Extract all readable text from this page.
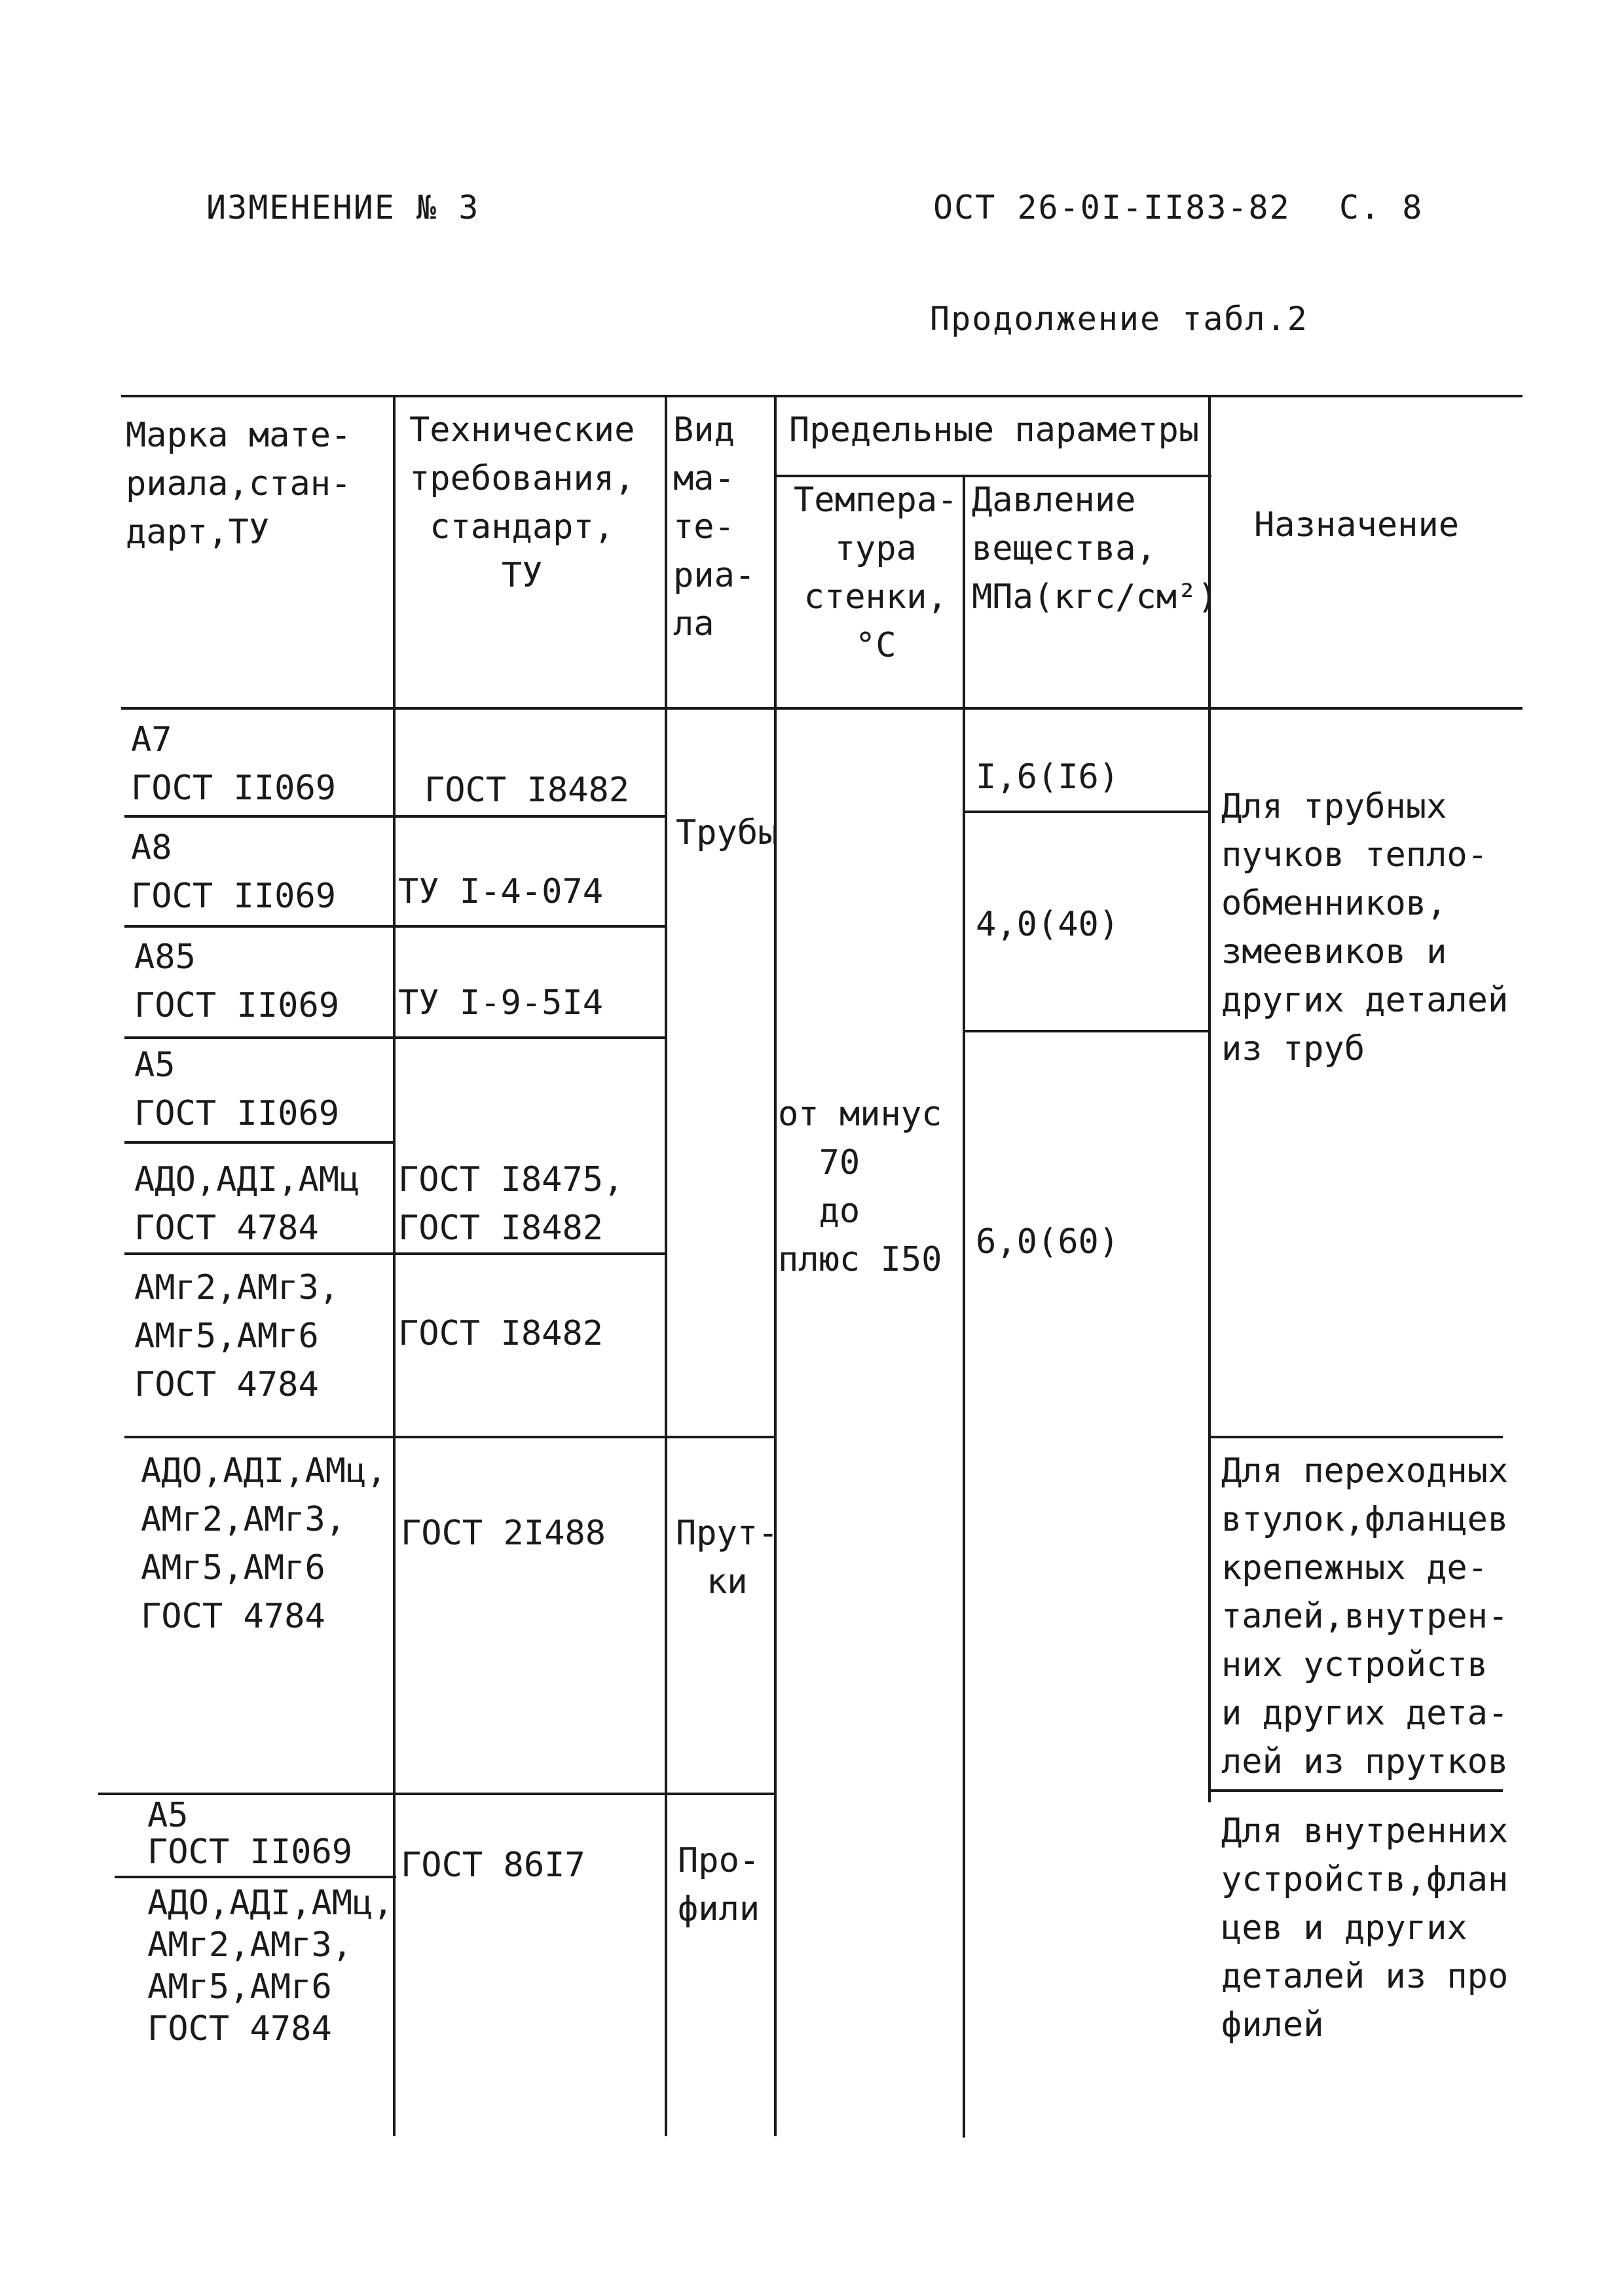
ИЗМЕНЕНИЕ № 3	ОСТ 26-0I-II83-82 С. 8
Продолжение табл.2
Марка мате-
риала,стан-
дарт,ТУ
Технические
требования,
стандарт,
ТУ
Вид
ма-
те-
риа-
ла
Предельные параметры
Темпера-
тура
стенки,
°C
Давление
вещества,
МПа(кгс/см²)
Назначение
А7
ГОСТ II069
А8
ГОСТ II069
А85
ГОСТ II069
А5
ГОСТ II069
АДО,АДI,АМц
ГОСТ 4784
АМг2,АМг3,
АМг5,АМг6
ГОСТ 4784
АДО,АДI,АМц,
АМг2,АМг3,
АМг5,АМг6
ГОСТ 4784
А5
ГОСТ II069
АДО,АДI,АМц,
АМг2,АМг3,
АМг5,АМг6
ГОСТ 4784
ГОСТ I8482
ТУ I-4-074
ТУ I-9-5I4
ГОСТ I8475,
ГОСТ I8482
ГОСТ I8482
ГОСТ 2I488
ГОСТ 86I7
Трубы
Прут-
ки
Про-
фили
от минус
70
до
плюс I50
I,6(I6)
4,0(40)
6,0(60)
Для трубных
пучков тепло-
обменников,
змеевиков и
других деталей
из труб
Для переходных
втулок,фланцев
крепежных де-
талей,внутрен-
них устройств
и других дета-
лей из прутков
Для внутренних
устройств,флан
цев и других
деталей из про
филей
